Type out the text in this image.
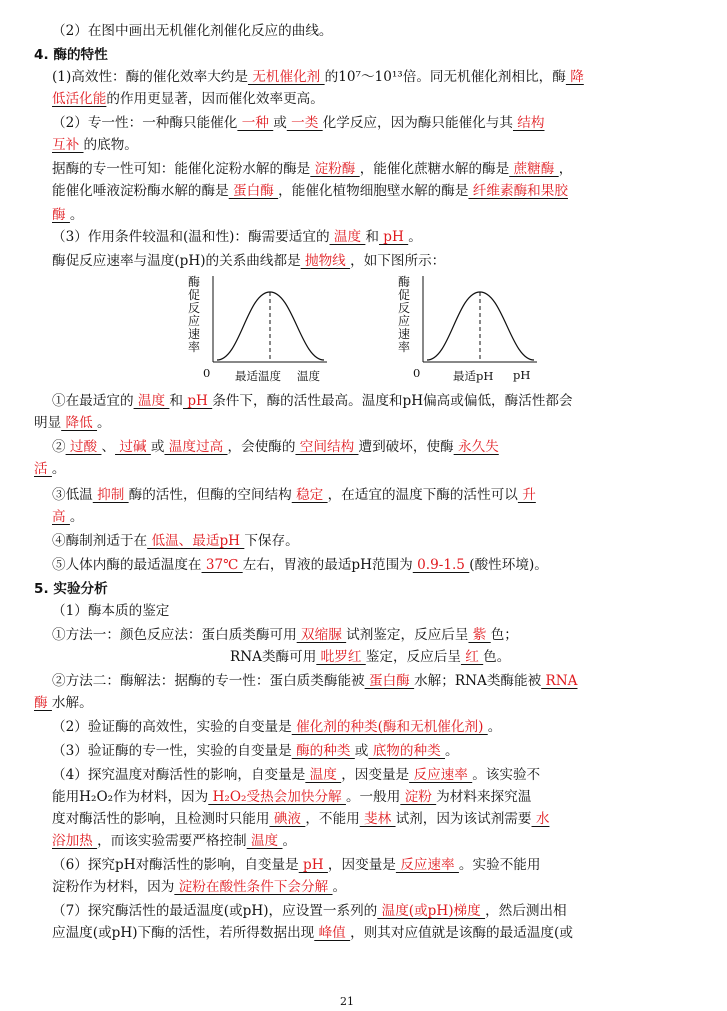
（2）在图中画出无机催化剂催化反应的曲线。
4. 酶的特性
(1)高效性：酶的催化效率大约是 无机催化剂 的10⁷～10¹³倍。同无机催化剂相比，酶 降
低活化能的作用更显著，因而催化效率更高。
（2）专一性：一种酶只能催化 一种 或 一类 化学反应，因为酶只能催化与其 结构
互补 的底物。
据酶的专一性可知：能催化淀粉水解的酶是 淀粉酶 ，能催化蔗糖水解的酶是 蔗糖酶 ，
能催化唾液淀粉酶水解的酶是 蛋白酶 ，能催化植物细胞壁水解的酶是 纤维素酶和果胶
酶 。
（3）作用条件较温和(温和性)：酶需要适宜的 温度 和 pH 。
酶促反应速率与温度(pH)的关系曲线都是 抛物线 ，如下图所示：
①在最适宜的 温度 和 pH 条件下，酶的活性最高。温度和pH偏高或偏低，酶活性都会
明显 降低 。
② 过酸 、 过碱 或 温度过高 ，会使酶的 空间结构 遭到破坏，使酶 永久失
活 。
③低温 抑制 酶的活性，但酶的空间结构 稳定 ，在适宜的温度下酶的活性可以 升
高 。
④酶制剂适于在 低温、最适pH 下保存。
⑤人体内酶的最适温度在 37℃ 左右，胃液的最适pH范围为 0.9-1.5 (酸性环境)。
5. 实验分析
（1）酶本质的鉴定
①方法一：颜色反应法：蛋白质类酶可用 双缩脲 试剂鉴定，反应后呈 紫 色；
RNA类酶可用 吡罗红 鉴定，反应后呈 红 色。
②方法二：酶解法：据酶的专一性：蛋白质类酶能被 蛋白酶 水解；RNA类酶能被 RNA
酶 水解。
（2）验证酶的高效性，实验的自变量是 催化剂的种类(酶和无机催化剂) 。
（3）验证酶的专一性，实验的自变量是 酶的种类 或 底物的种类 。
（4）探究温度对酶活性的影响，自变量是 温度 ，因变量是 反应速率 。该实验不
能用H₂O₂作为材料，因为 H₂O₂受热会加快分解 。一般用 淀粉 为材料来探究温
度对酶活性的影响，且检测时只能用 碘液 ，不能用 斐林 试剂，因为该试剂需要 水
浴加热 ，而该实验需要严格控制 温度 。
（6）探究pH对酶活性的影响，自变量是 pH ，因变量是 反应速率 。实验不能用
淀粉作为材料，因为 淀粉在酸性条件下会分解 。
（7）探究酶活性的最适温度(或pH)，应设置一系列的 温度(或pH)梯度 ，然后测出相
应温度(或pH)下酶的活性，若所得数据出现 峰值 ，则其对应值就是该酶的最适温度(或
酶
促
反
应
速
率
0 最适温度 温度
酶
促
反
应
速
率
0	最适pH pH
21
